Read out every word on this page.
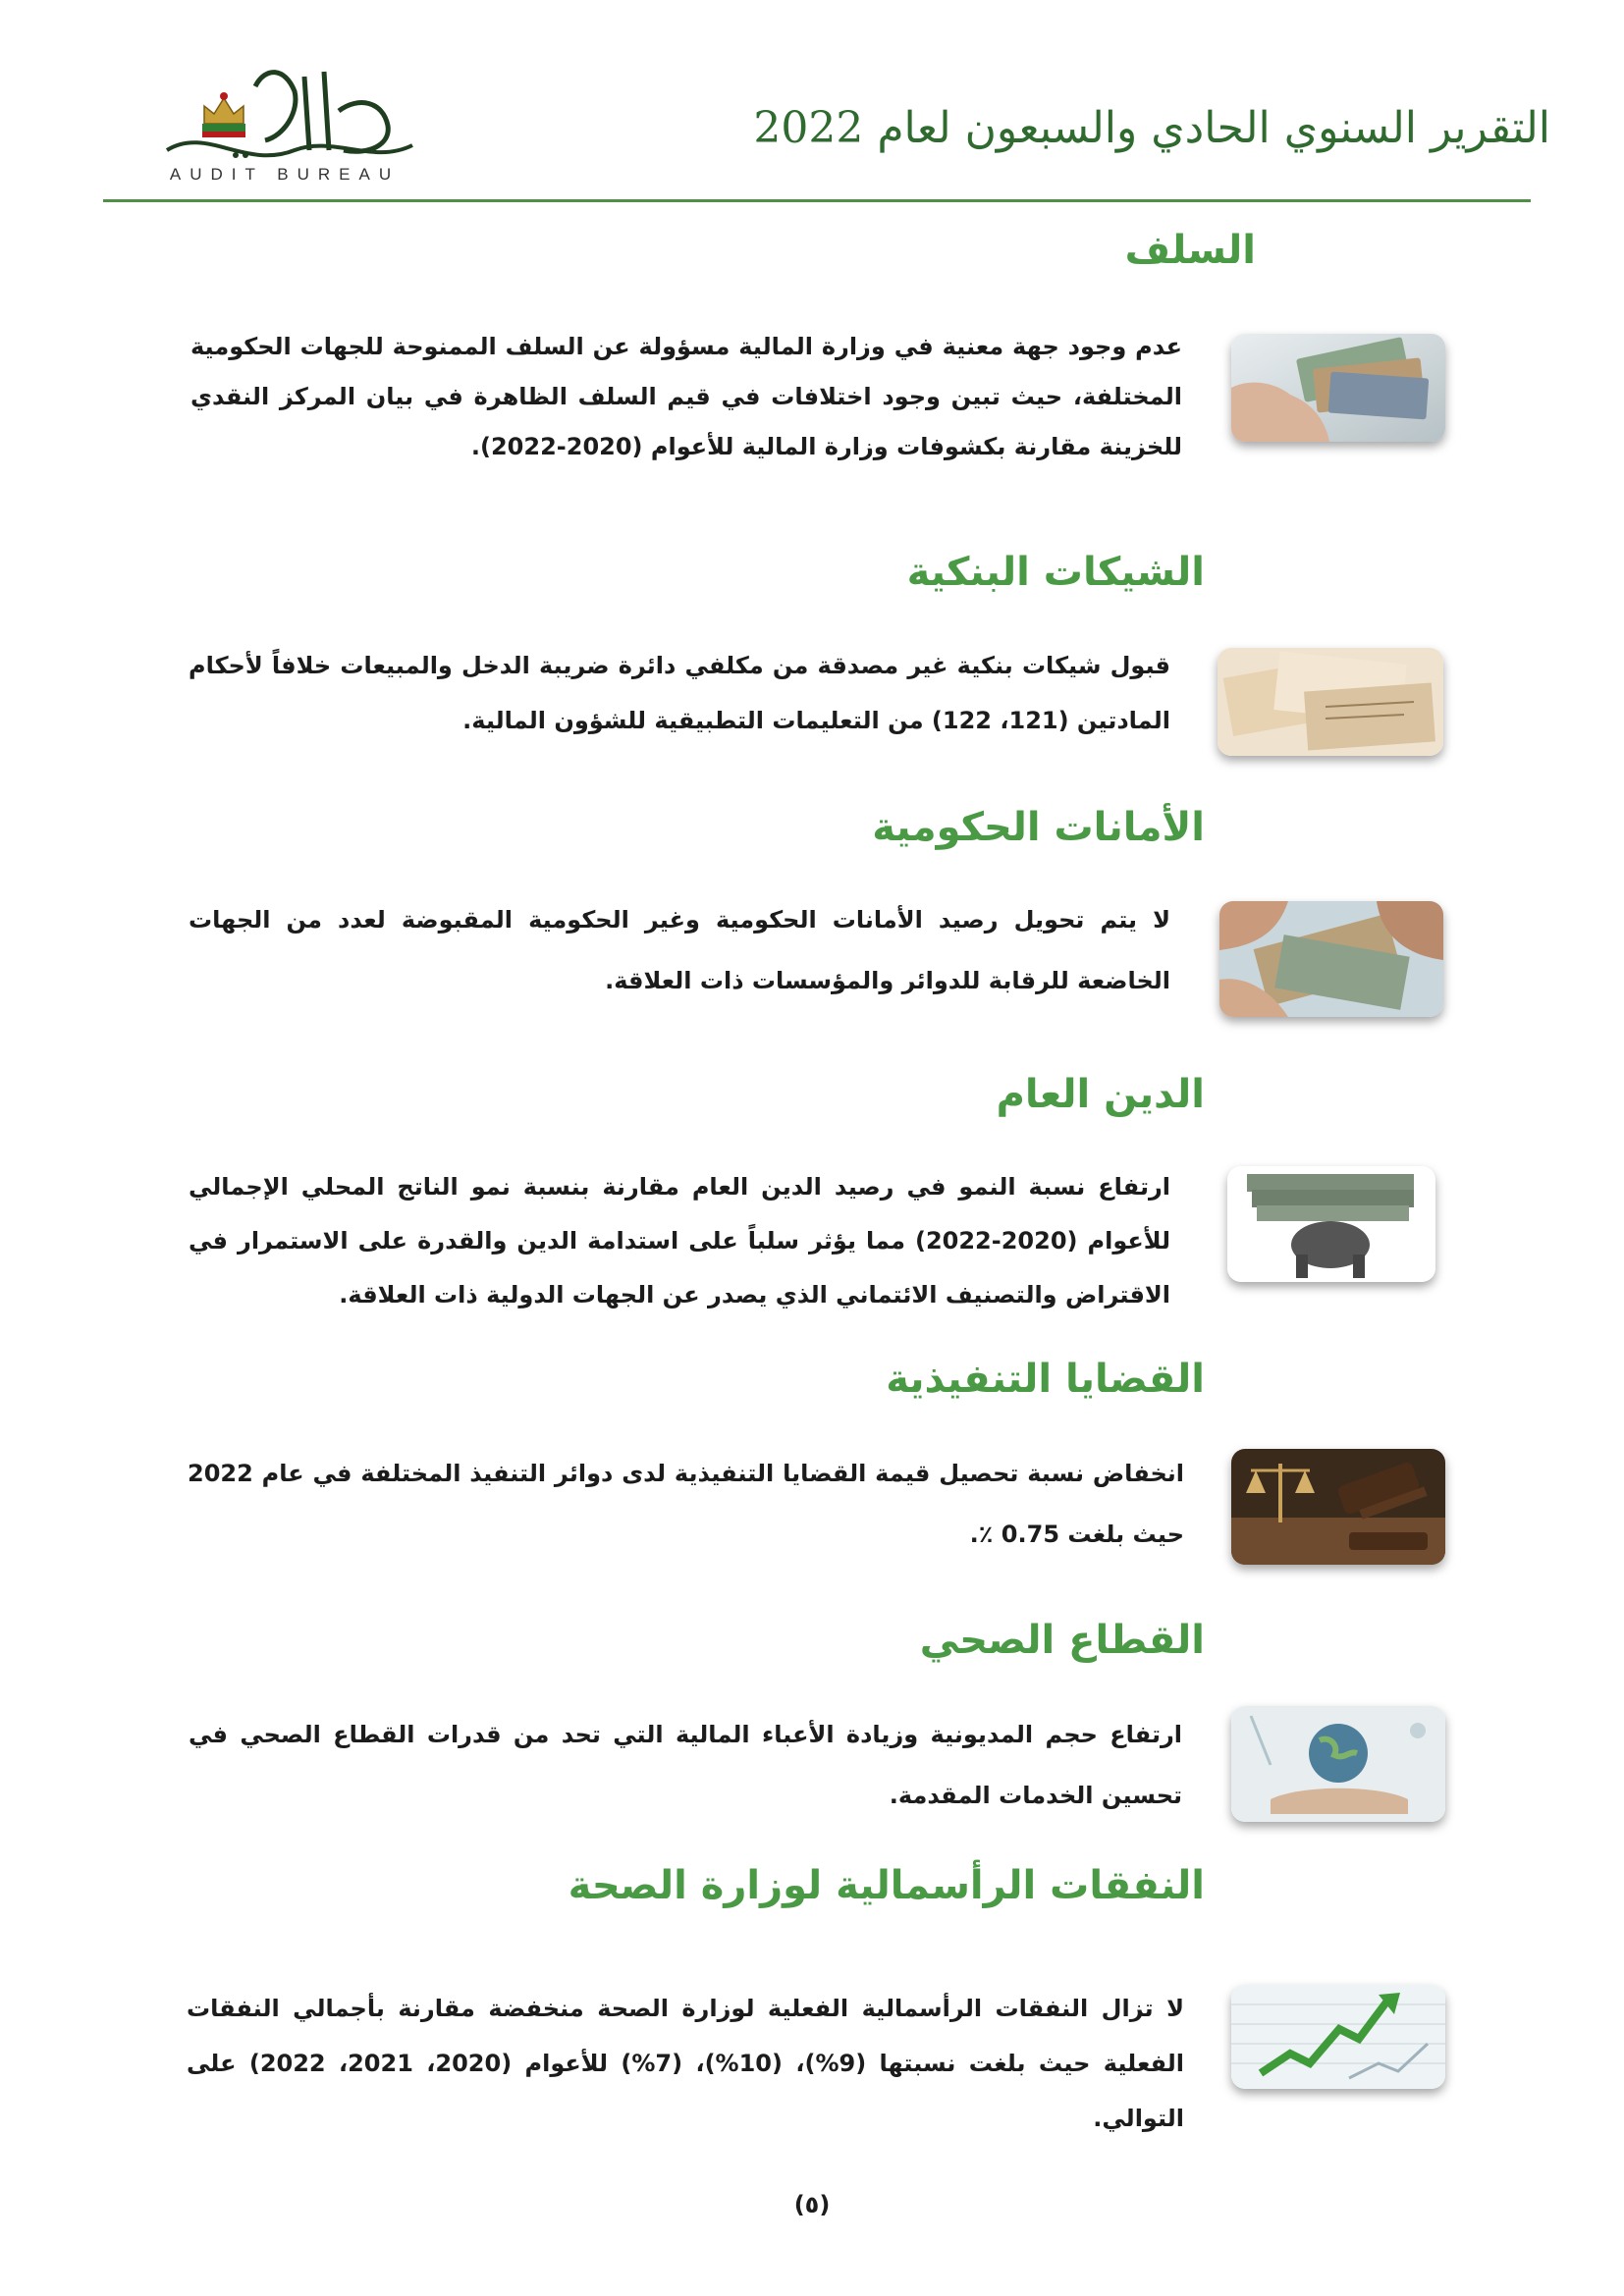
AUDIT BUREAU
التقرير السنوي الحادي والسبعون لعام 2022
السلف
عدم وجود جهة معنية في وزارة المالية مسؤولة عن السلف الممنوحة للجهات الحكومية المختلفة، حيث تبين وجود اختلافات في قيم السلف الظاهرة في بيان المركز النقدي للخزينة مقارنة بكشوفات وزارة المالية للأعوام (2020-2022).
الشيكات البنكية
قبول شيكات بنكية غير مصدقة من مكلفي دائرة ضريبة الدخل والمبيعات خلافاً لأحكام المادتين (121، 122) من التعليمات التطبيقية للشؤون المالية.
الأمانات الحكومية
لا يتم تحويل رصيد الأمانات الحكومية وغير الحكومية المقبوضة لعدد من الجهات الخاضعة للرقابة للدوائر والمؤسسات ذات العلاقة.
الدين العام
ارتفاع نسبة النمو في رصيد الدين العام مقارنة بنسبة نمو الناتج المحلي الإجمالي للأعوام (2020-2022) مما يؤثر سلباً على استدامة الدين والقدرة على الاستمرار في الاقتراض والتصنيف الائتماني الذي يصدر عن الجهات الدولية ذات العلاقة.
القضايا التنفيذية
انخفاض نسبة تحصيل قيمة القضايا التنفيذية لدى دوائر التنفيذ المختلفة في عام 2022 حيث بلغت 0.75 ٪.
القطاع الصحي
ارتفاع حجم المديونية وزيادة الأعباء المالية التي تحد من قدرات القطاع الصحي في تحسين الخدمات المقدمة.
النفقات الرأسمالية لوزارة الصحة
لا تزال النفقات الرأسمالية الفعلية لوزارة الصحة منخفضة مقارنة بأجمالي النفقات الفعلية حيث بلغت نسبتها (9%)، (10%)، (7%) للأعوام (2020، 2021، 2022) على التوالي.
(٥)
